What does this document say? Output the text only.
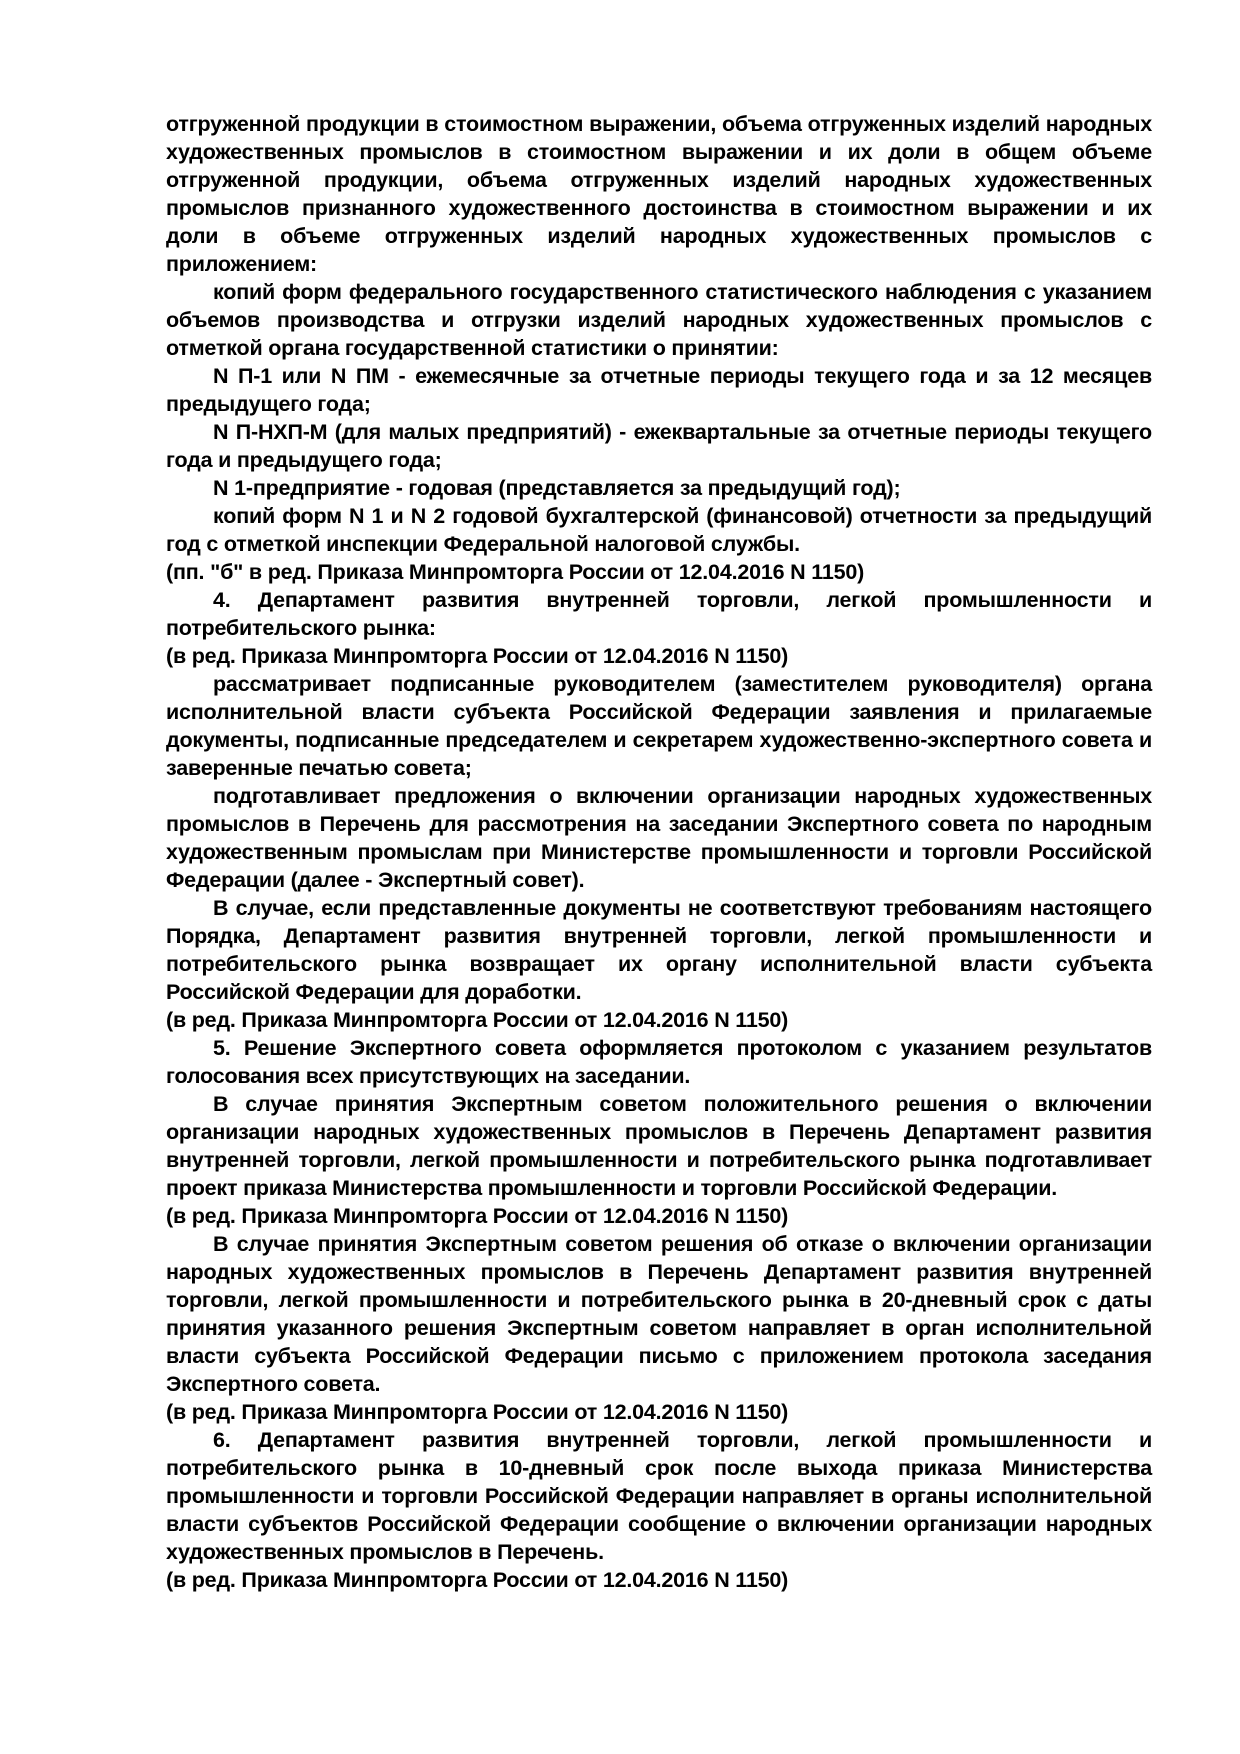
отгруженной продукции в стоимостном выражении, объема отгруженных изделий народных художественных промыслов в стоимостном выражении и их доли в общем объеме отгруженной продукции, объема отгруженных изделий народных художественных промыслов признанного художественного достоинства в стоимостном выражении и их доли в объеме отгруженных изделий народных художественных промыслов с приложением:

копий форм федерального государственного статистического наблюдения с указанием объемов производства и отгрузки изделий народных художественных промыслов с отметкой органа государственной статистики о принятии:

N П-1 или N ПМ - ежемесячные за отчетные периоды текущего года и за 12 месяцев предыдущего года;

N П-НХП-М (для малых предприятий) - ежеквартальные за отчетные периоды текущего года и предыдущего года;

N 1-предприятие - годовая (представляется за предыдущий год);

копий форм N 1 и N 2 годовой бухгалтерской (финансовой) отчетности за предыдущий год с отметкой инспекции Федеральной налоговой службы.

(пп. "б" в ред. Приказа Минпромторга России от 12.04.2016 N 1150)

4. Департамент развития внутренней торговли, легкой промышленности и потребительского рынка:

(в ред. Приказа Минпромторга России от 12.04.2016 N 1150)

рассматривает подписанные руководителем (заместителем руководителя) органа исполнительной власти субъекта Российской Федерации заявления и прилагаемые документы, подписанные председателем и секретарем художественно-экспертного совета и заверенные печатью совета;

подготавливает предложения о включении организации народных художественных промыслов в Перечень для рассмотрения на заседании Экспертного совета по народным художественным промыслам при Министерстве промышленности и торговли Российской Федерации (далее - Экспертный совет).

В случае, если представленные документы не соответствуют требованиям настоящего Порядка, Департамент развития внутренней торговли, легкой промышленности и потребительского рынка возвращает их органу исполнительной власти субъекта Российской Федерации для доработки.

(в ред. Приказа Минпромторга России от 12.04.2016 N 1150)

5. Решение Экспертного совета оформляется протоколом с указанием результатов голосования всех присутствующих на заседании.

В случае принятия Экспертным советом положительного решения о включении организации народных художественных промыслов в Перечень Департамент развития внутренней торговли, легкой промышленности и потребительского рынка подготавливает проект приказа Министерства промышленности и торговли Российской Федерации.

(в ред. Приказа Минпромторга России от 12.04.2016 N 1150)

В случае принятия Экспертным советом решения об отказе о включении организации народных художественных промыслов в Перечень Департамент развития внутренней торговли, легкой промышленности и потребительского рынка в 20-дневный срок с даты принятия указанного решения Экспертным советом направляет в орган исполнительной власти субъекта Российской Федерации письмо с приложением протокола заседания Экспертного совета.

(в ред. Приказа Минпромторга России от 12.04.2016 N 1150)

6. Департамент развития внутренней торговли, легкой промышленности и потребительского рынка в 10-дневный срок после выхода приказа Министерства промышленности и торговли Российской Федерации направляет в органы исполнительной власти субъектов Российской Федерации сообщение о включении организации народных художественных промыслов в Перечень.

(в ред. Приказа Минпромторга России от 12.04.2016 N 1150)
